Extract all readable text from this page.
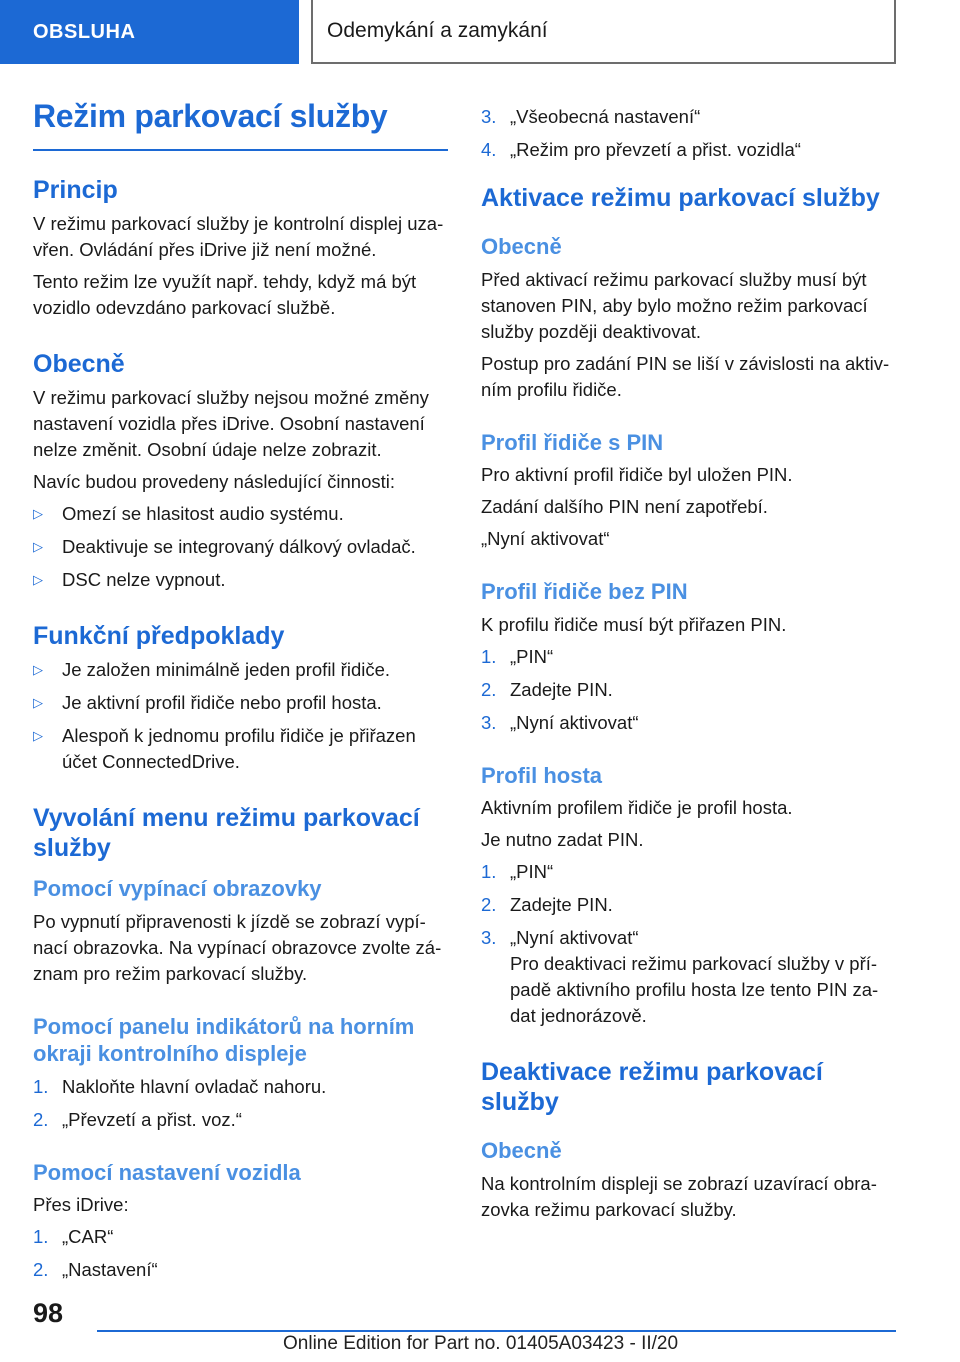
OBSLUHA	Odemykání a zamykání
Režim parkovací služby
Princip

V režimu parkovací služby je kontrolní displej uza‐ vřen. Ovládání přes iDrive již není možné.

Tento režim lze využít např. tehdy, když má být vozidlo odevzdáno parkovací službě.

Obecně

V režimu parkovací služby nejsou možné změny nastavení vozidla přes iDrive. Osobní nastavení nelze změnit. Osobní údaje nelze zobrazit.

Navíc budou provedeny následující činnosti:

▷	Omezí se hlasitost audio systému.
▷	Deaktivuje se integrovaný dálkový ovladač.
▷	DSC nelze vypnout.
Funkční předpoklady
▷	Je založen minimálně jeden profil řidiče.
▷	Je aktivní profil řidiče nebo profil hosta.
▷	Alespoň k jednomu profilu řidiče je přiřazen účet ConnectedDrive.
Vyvolání menu režimu parkovací služby
Pomocí vypínací obrazovky

Po vypnutí připravenosti k jízdě se zobrazí vypí‐ nací obrazovka. Na vypínací obrazovce zvolte zá‐ znam pro režim parkovací služby.

Pomocí panelu indikátorů na horním okraji kontrolního displeje
1. Nakloňte hlavní ovladač nahoru.
2. „Převzetí a přist. voz.“
Pomocí nastavení vozidla

Přes iDrive:

1. „CAR“
2. „Nastavení“
3. „Všeobecná nastavení“
4. „Režim pro převzetí a přist. vozidla“
Aktivace režimu parkovací služby
Obecně

Před aktivací režimu parkovací služby musí být stanoven PIN, aby bylo možno režim parkovací služby později deaktivovat.

Postup pro zadání PIN se liší v závislosti na aktiv‐ ním profilu řidiče.

Profil řidiče s PIN

Pro aktivní profil řidiče byl uložen PIN.

Zadání dalšího PIN není zapotřebí.

„Nyní aktivovat“

Profil řidiče bez PIN

K profilu řidiče musí být přiřazen PIN.

1. „PIN“
2. Zadejte PIN.
3. „Nyní aktivovat“
Profil hosta

Aktivním profilem řidiče je profil hosta.

Je nutno zadat PIN.

1. „PIN“
2. Zadejte PIN.
3. „Nyní aktivovat“
Pro deaktivaci režimu parkovací služby v pří‐ padě aktivního profilu hosta lze tento PIN za‐ dat jednorázově.
Deaktivace režimu parkovací služby
Obecně

Na kontrolním displeji se zobrazí uzavírací obra‐ zovka režimu parkovací služby.

98
Online Edition for Part no. 01405A03423 - II/20
